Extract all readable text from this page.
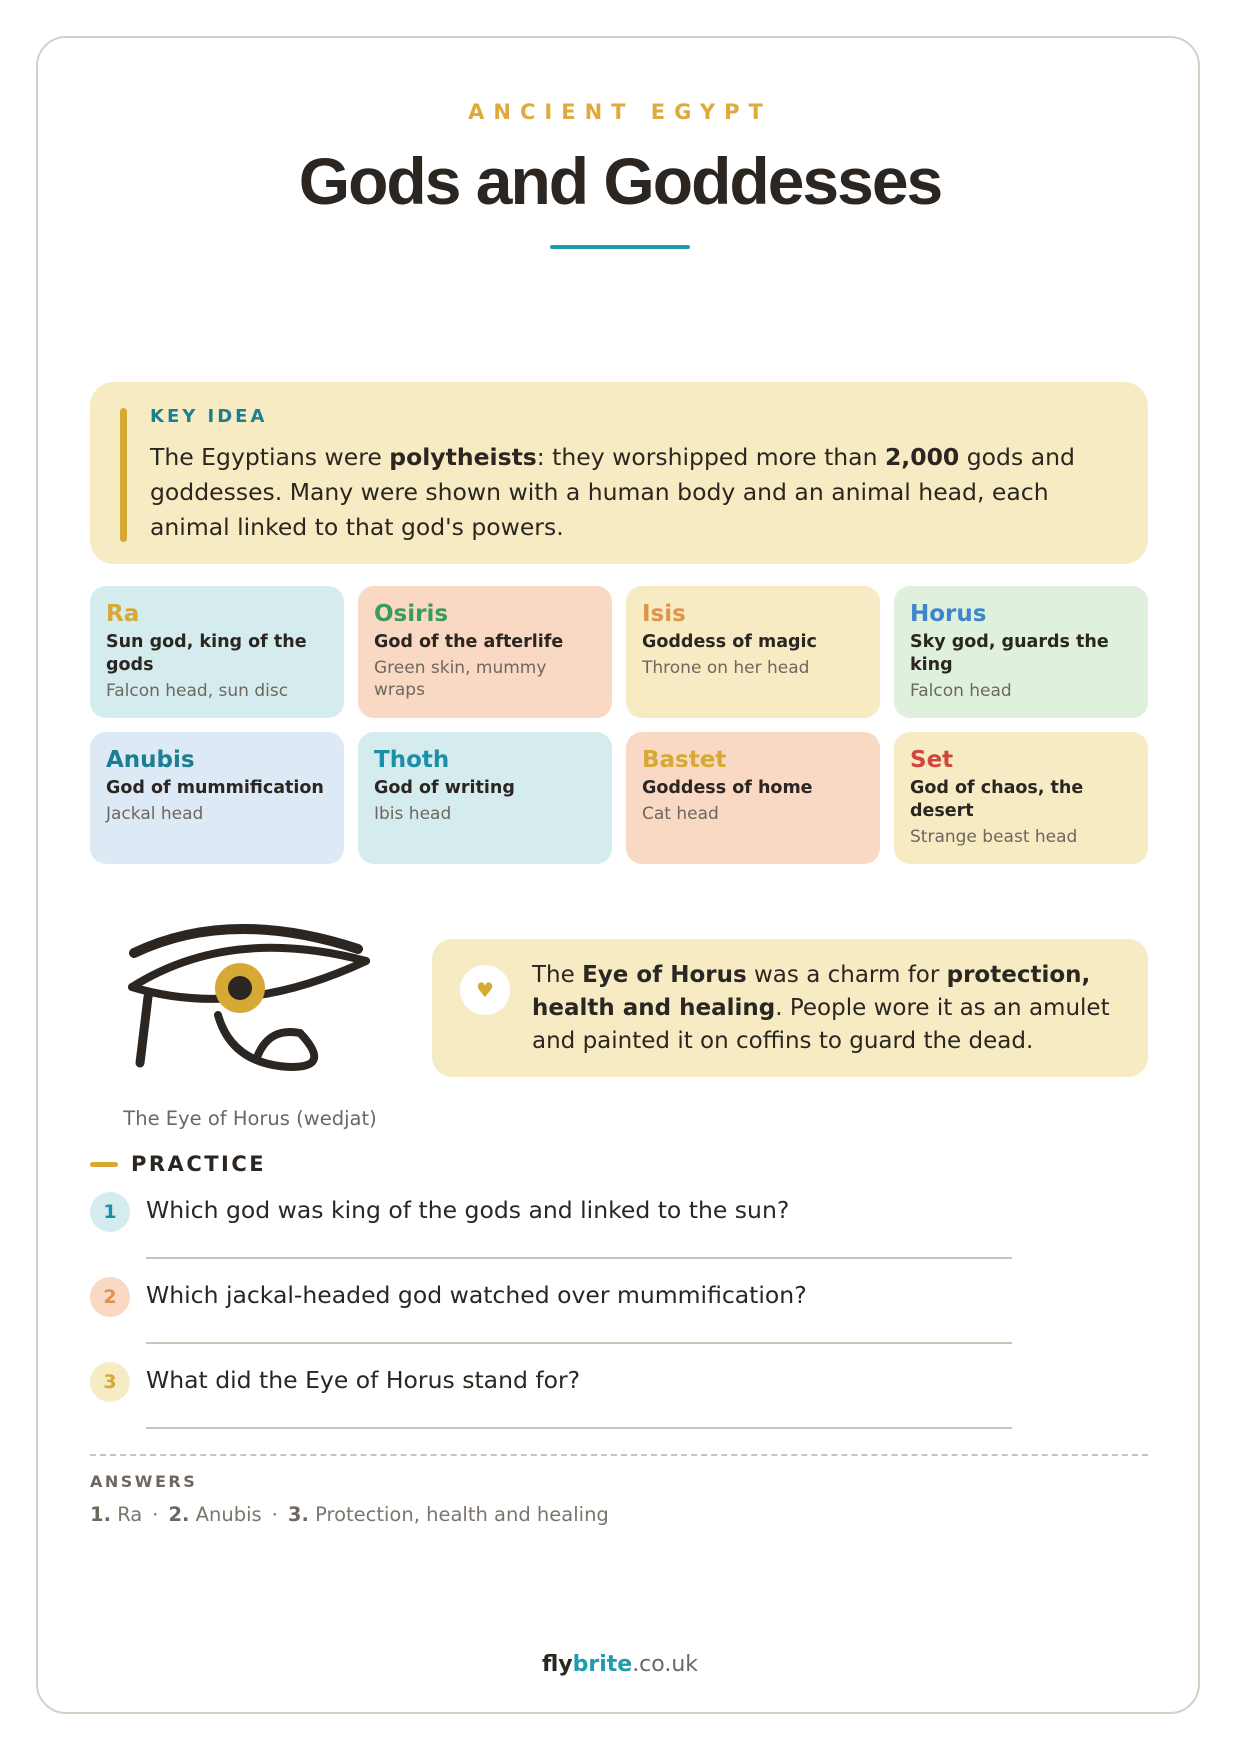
ANCIENT EGYPT
Gods and Goddesses
KEY IDEA
The Egyptians were polytheists: they worshipped more than 2,000 gods and goddesses. Many were shown with a human body and an animal head, each animal linked to that god's powers.
Ra
Sun god, king of the gods
Falcon head, sun disc
Osiris
God of the afterlife
Green skin, mummy wraps
Isis
Goddess of magic
Throne on her head
Horus
Sky god, guards the king
Falcon head
Anubis
God of mummification
Jackal head
Thoth
God of writing
Ibis head
Bastet
Goddess of home
Cat head
Set
God of chaos, the desert
Strange beast head
The Eye of Horus (wedjat)
♥
The Eye of Horus was a charm for protection, health and healing. People wore it as an amulet and painted it on coffins to guard the dead.
PRACTICE
1	Which god was king of the gods and linked to the sun?
2	Which jackal-headed god watched over mummification?
3	What did the Eye of Horus stand for?
ANSWERS
1. Ra · 2. Anubis · 3. Protection, health and healing
flybrite.co.uk
